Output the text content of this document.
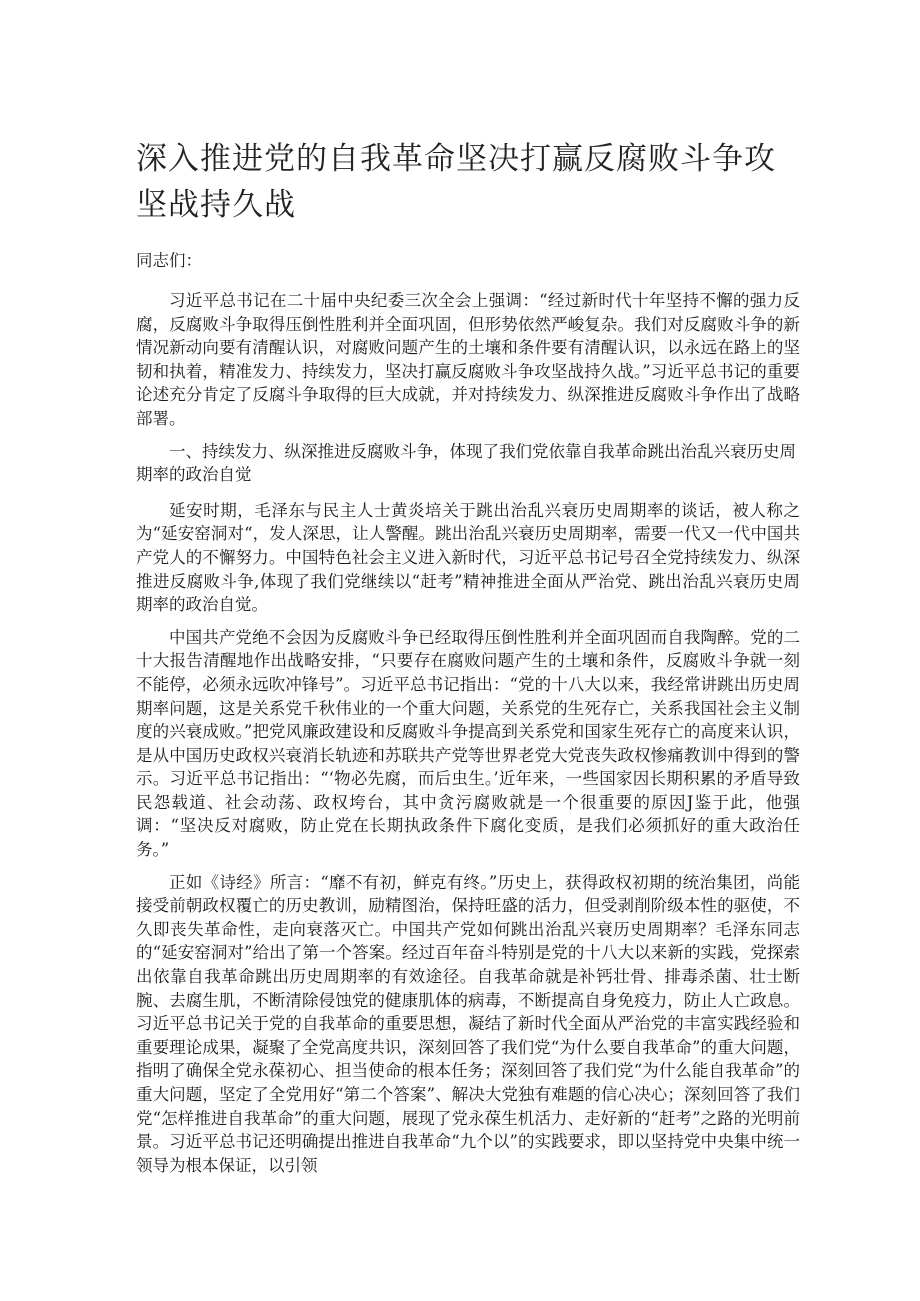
深入推进党的自我革命坚决打赢反腐败斗争攻坚战持久战

同志们：

习近平总书记在二十届中央纪委三次全会上强调：“经过新时代十年坚持不懈的强力反腐，反腐败斗争取得压倒性胜利并全面巩固，但形势依然严峻复杂。我们对反腐败斗争的新情况新动向要有清醒认识，对腐败问题产生的土壤和条件要有清醒认识，以永远在路上的坚韧和执着，精准发力、持续发力，坚决打赢反腐败斗争攻坚战持久战。”习近平总书记的重要论述充分肯定了反腐斗争取得的巨大成就，并对持续发力、纵深推进反腐败斗争作出了战略部署。

一、持续发力、纵深推进反腐败斗争，体现了我们党依靠自我革命跳出治乱兴衰历史周期率的政治自觉

延安时期，毛泽东与民主人士黄炎培关于跳出治乱兴衰历史周期率的谈话，被人称之为“延安窑洞对“，发人深思，让人警醒。跳出治乱兴衰历史周期率，需要一代又一代中国共产党人的不懈努力。中国特色社会主义进入新时代，习近平总书记号召全党持续发力、纵深推进反腐败斗争,体现了我们党继续以“赶考”精神推进全面从严治党、跳出治乱兴衰历史周期率的政治自觉。

中国共产党绝不会因为反腐败斗争已经取得压倒性胜利并全面巩固而自我陶醉。党的二十大报告清醒地作出战略安排，“只要存在腐败问题产生的土壤和条件，反腐败斗争就一刻不能停，必须永远吹冲锋号”。习近平总书记指出：“党的十八大以来，我经常讲跳出历史周期率问题，这是关系党千秋伟业的一个重大问题，关系党的生死存亡，关系我国社会主义制度的兴衰成败。”把党风廉政建设和反腐败斗争提高到关系党和国家生死存亡的高度来认识，是从中国历史政权兴衰消长轨迹和苏联共产党等世界老党大党丧失政权惨痛教训中得到的警示。习近平总书记指出：“‘物必先腐，而后虫生。’近年来，一些国家因长期积累的矛盾导致民怨载道、社会动荡、政权垮台，其中贪污腐败就是一个很重要的原因J鉴于此，他强调：“坚决反对腐败，防止党在长期执政条件下腐化变质，是我们必须抓好的重大政治任务。”

正如《诗经》所言：“靡不有初，鲜克有终。”历史上，获得政权初期的统治集团，尚能接受前朝政权覆亡的历史教训，励精图治，保持旺盛的活力，但受剥削阶级本性的驱使，不久即丧失革命性，走向衰落灭亡。中国共产党如何跳出治乱兴衰历史周期率？毛泽东同志的“延安窑洞对”给出了第一个答案。经过百年奋斗特别是党的十八大以来新的实践，党探索出依靠自我革命跳出历史周期率的有效途径。自我革命就是补钙壮骨、排毒杀菌、壮士断腕、去腐生肌，不断清除侵蚀党的健康肌体的病毒，不断提高自身免疫力，防止人亡政息。习近平总书记关于党的自我革命的重要思想，凝结了新时代全面从严治党的丰富实践经验和重要理论成果，凝聚了全党高度共识，深刻回答了我们党“为什么要自我革命”的重大问题，指明了确保全党永葆初心、担当使命的根本任务；深刻回答了我们党“为什么能自我革命”的重大问题，坚定了全党用好“第二个答案”、解决大党独有难题的信心决心；深刻回答了我们党“怎样推进自我革命”的重大问题，展现了党永葆生机活力、走好新的“赶考”之路的光明前景。习近平总书记还明确提出推进自我革命“九个以”的实践要求，即以坚持党中央集中统一领导为根本保证，以引领
